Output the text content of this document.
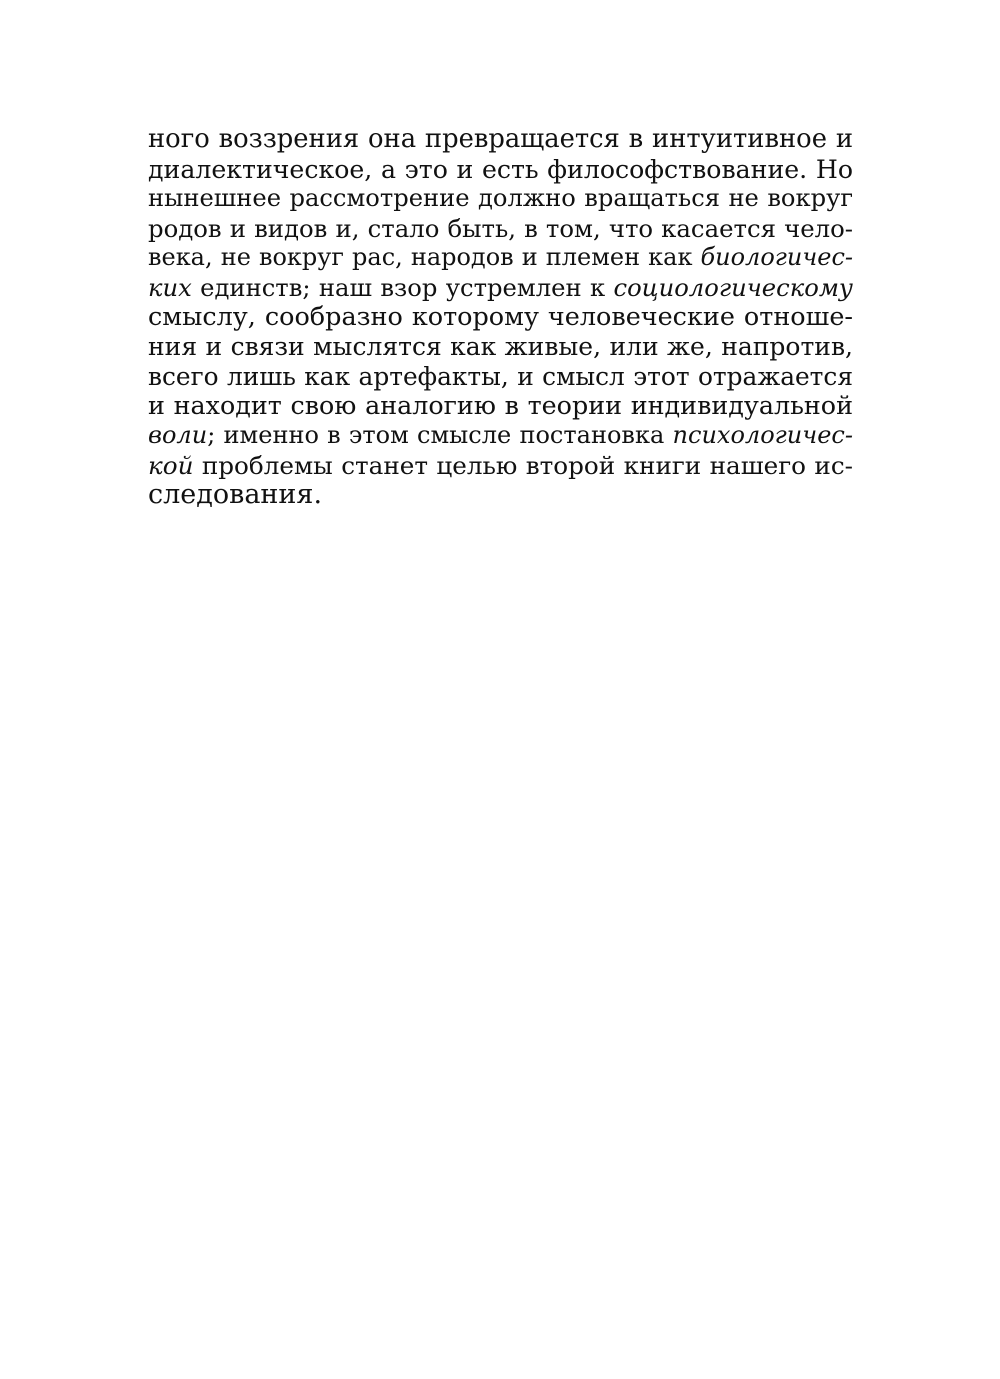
ного воззрения она превращается в интуитивное и
диалектическое, а это и есть философствование. Но
нынешнее рассмотрение должно вращаться не вокруг
родов и видов и, стало быть, в том, что касается чело-
века, не вокруг рас, народов и племен как биологичес-
ких единств; наш взор устремлен к социологическому
смыслу, сообразно которому человеческие отноше-
ния и связи мыслятся как живые, или же, напротив,
всего лишь как артефакты, и смысл этот отражается
и находит свою аналогию в теории индивидуальной
воли; именно в этом смысле постановка психологичес-
кой проблемы станет целью второй книги нашего ис-
следования.
